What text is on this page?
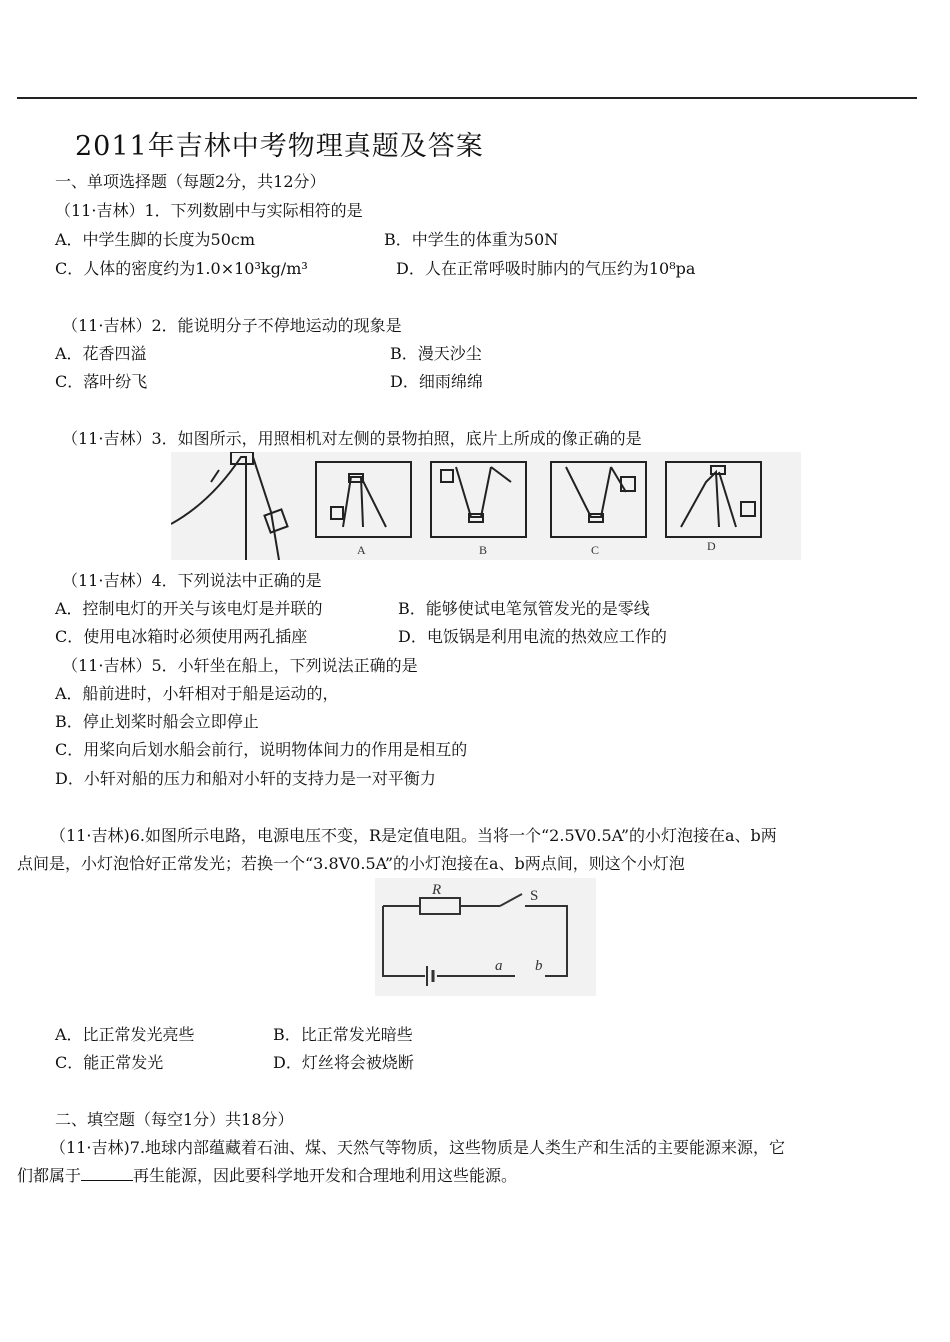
2011年吉林中考物理真题及答案
一、单项选择题（每题2分，共12分）
（11·吉林）1．下列数剧中与实际相符的是
A．中学生脚的长度为50cm	B．中学生的体重为50N
C．人体的密度约为1.0×10³kg/m³	D．人在正常呼吸时肺内的气压约为10⁸pa
（11·吉林）2．能说明分子不停地运动的现象是
A．花香四溢	B．漫天沙尘
C．落叶纷飞	D．细雨绵绵
（11·吉林）3．如图所示，用照相机对左侧的景物拍照，底片上所成的像正确的是
A	B	C	D
（11·吉林）4．下列说法中正确的是
A．控制电灯的开关与该电灯是并联的	B．能够使试电笔氖管发光的是零线
C．使用电冰箱时必须使用两孔插座	D．电饭锅是利用电流的热效应工作的
（11·吉林）5．小轩坐在船上，下列说法正确的是
A．船前进时，小轩相对于船是运动的，
B．停止划桨时船会立即停止
C．用桨向后划水船会前行，说明物体间力的作用是相互的
D．小轩对船的压力和船对小轩的支持力是一对平衡力
（11·吉林)6.如图所示电路，电源电压不变，R是定值电阻。当将一个“2.5V0.5A”的小灯泡接在a、b两
点间是，小灯泡恰好正常发光；若换一个“3.8V0.5A”的小灯泡接在a、b两点间，则这个小灯泡
R	S
a b
A．比正常发光亮些	B．比正常发光暗些
C．能正常发光	D．灯丝将会被烧断
二、填空题（每空1分）共18分）
（11·吉林)7.地球内部蕴藏着石油、煤、天然气等物质，这些物质是人类生产和生活的主要能源来源，它
们都属于	再生能源，因此要科学地开发和合理地利用这些能源。
